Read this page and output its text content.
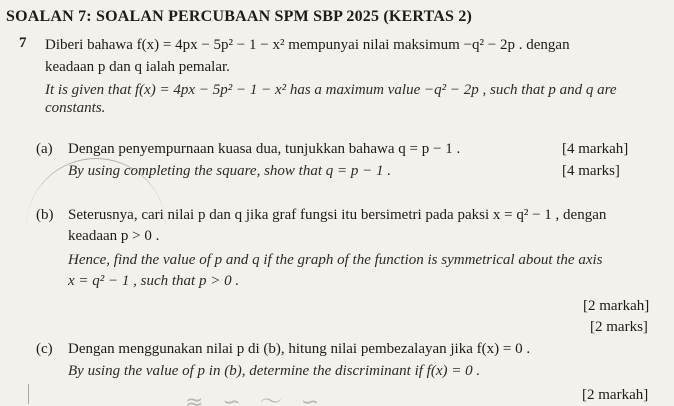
SOALAN 7: SOALAN PERCUBAAN SPM SBP 2025 (KERTAS 2)
7 Diberi bahawa f(x) = 4px − 5p² − 1 − x² mempunyai nilai maksimum −q² − 2p . dengan
keadaan p dan q ialah pemalar.
It is given that f(x) = 4px − 5p² − 1 − x² has a maximum value −q² − 2p , such that p and q are
constants.
(a) Dengan penyempurnaan kuasa dua, tunjukkan bahawa q = p − 1 .	[4 markah]
By using completing the square, show that q = p − 1 .	[4 marks]
(b) Seterusnya, cari nilai p dan q jika graf fungsi itu bersimetri pada paksi x = q² − 1 , dengan
keadaan p > 0 .
Hence, find the value of p and q if the graph of the function is symmetrical about the axis
x = q² − 1 , such that p > 0 .
[2 markah]
[2 marks]
(c) Dengan menggunakan nilai p di (b), hitung nilai pembezalayan jika f(x) = 0 .
By using the value of p in (b), determine the discriminant if f(x) = 0 .
[2 markah]
≈ ∽ ～ ∽
